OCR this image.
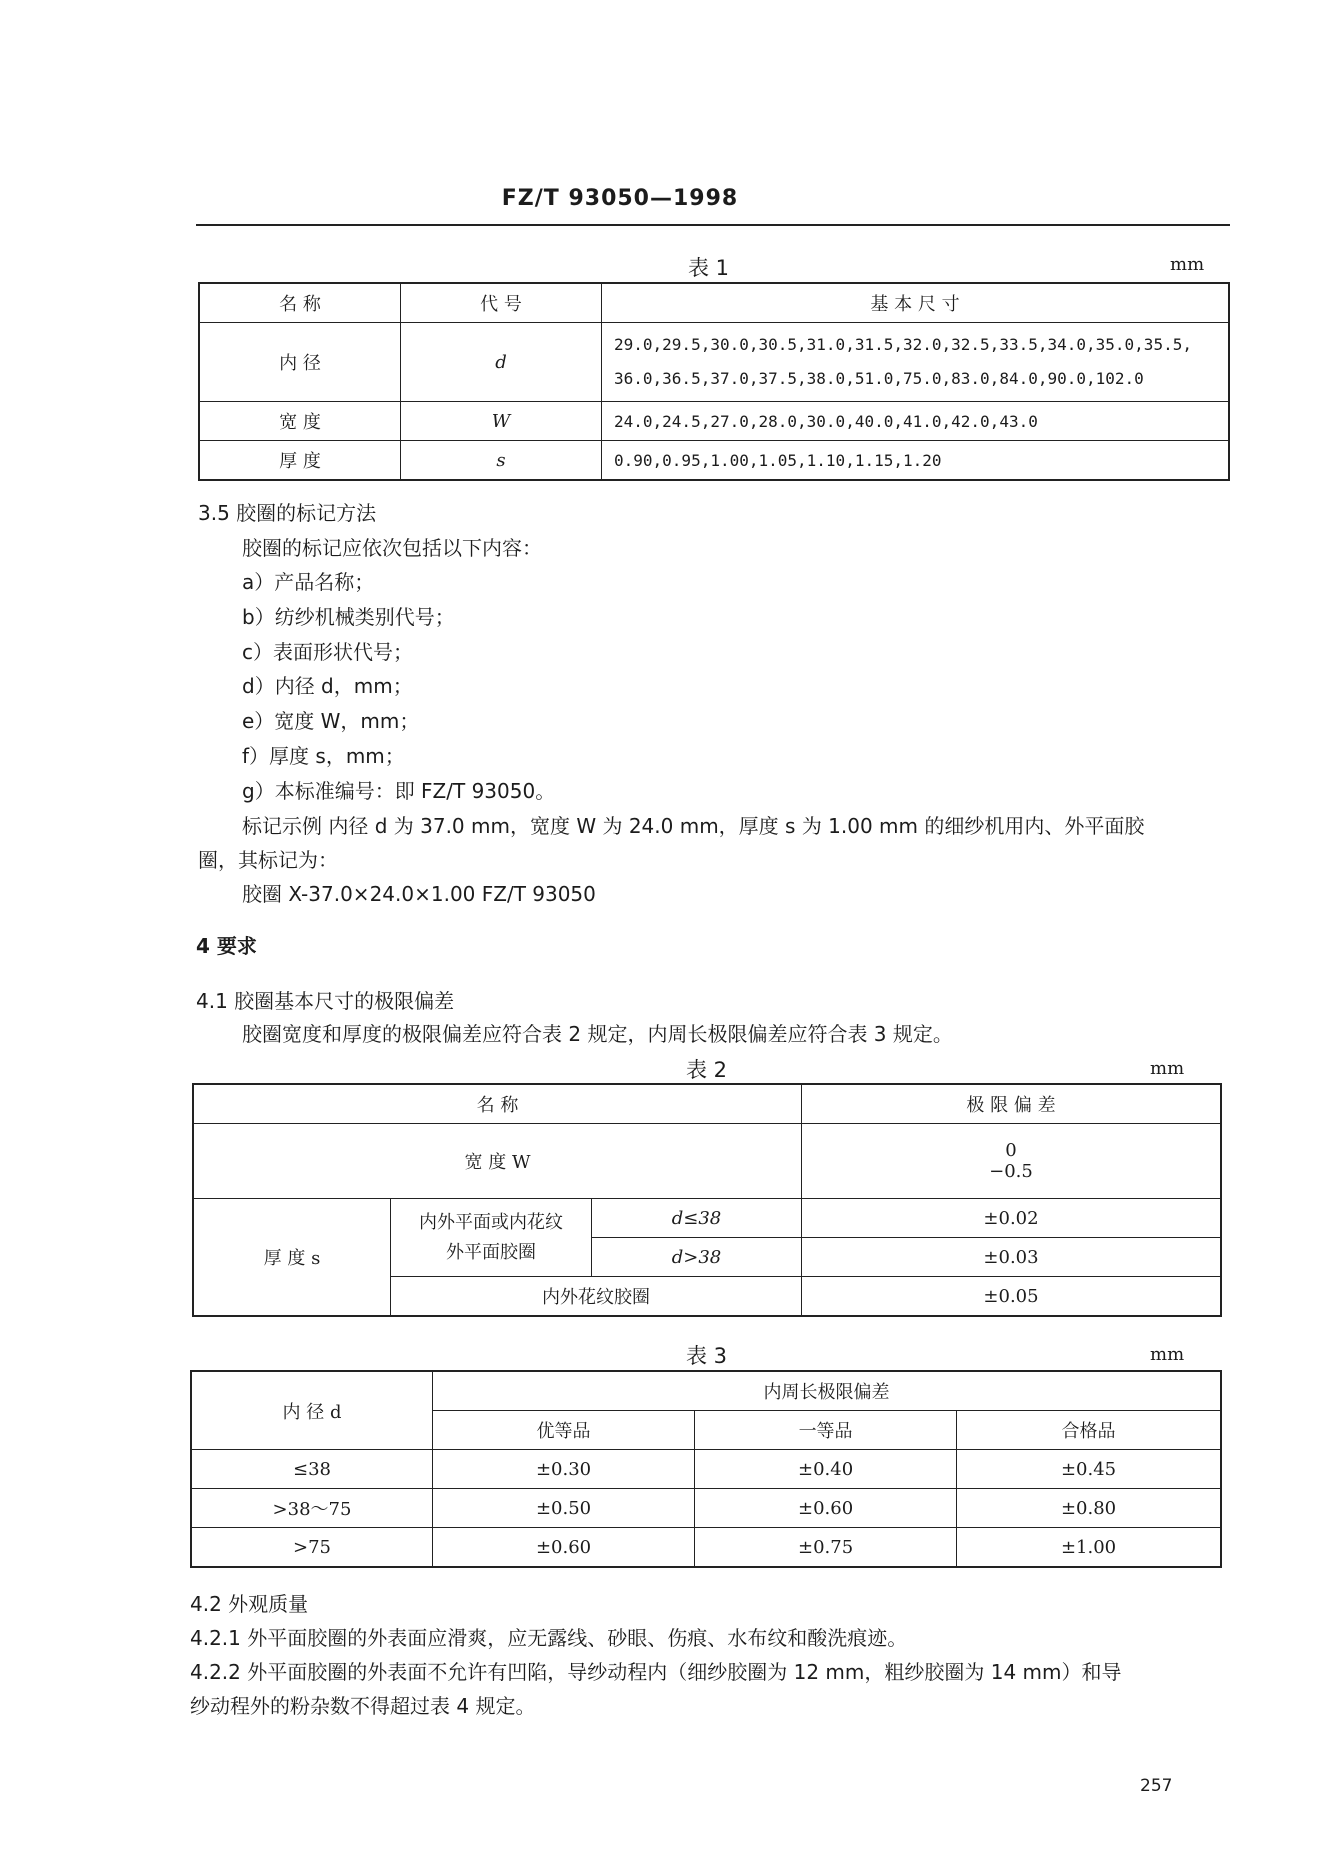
FZ/T 93050—1998
表 1	mm
名 称	代 号	基 本 尺 寸
内 径	d	29.0,29.5,30.0,30.5,31.0,31.5,32.0,32.5,33.5,34.0,35.0,35.5,
36.0,36.5,37.0,37.5,38.0,51.0,75.0,83.0,84.0,90.0,102.0

宽 度	W	24.0,24.5,27.0,28.0,30.0,40.0,41.0,42.0,43.0
厚 度	s	0.90,0.95,1.00,1.05,1.10,1.15,1.20
3.5 胶圈的标记方法
胶圈的标记应依次包括以下内容：
a）产品名称；
b）纺纱机械类别代号；
c）表面形状代号；
d）内径 d，mm；
e）宽度 W，mm；
f）厚度 s，mm；
g）本标准编号：即 FZ/T 93050。
标记示例 内径 d 为 37.0 mm，宽度 W 为 24.0 mm，厚度 s 为 1.00 mm 的细纱机用内、外平面胶
圈，其标记为：
胶圈 X-37.0×24.0×1.00 FZ/T 93050
4 要求
4.1 胶圈基本尺寸的极限偏差
胶圈宽度和厚度的极限偏差应符合表 2 规定，内周长极限偏差应符合表 3 规定。
表 2	mm
名 称			极 限 偏 差
宽 度 W			0
−0.5

厚 度 s	内外平面或内花纹
外平面胶圈	d≤38	±0.02
		d>38	±0.03
	内外花纹胶圈		±0.05
表 3	mm
内 径 d	内周长极限偏差		
	优等品	一等品	合格品
≤38	±0.30	±0.40	±0.45
>38～75	±0.50	±0.60	±0.80
>75	±0.60	±0.75	±1.00
4.2 外观质量
4.2.1 外平面胶圈的外表面应滑爽，应无露线、砂眼、伤痕、水布纹和酸洗痕迹。
4.2.2 外平面胶圈的外表面不允许有凹陷，导纱动程内（细纱胶圈为 12 mm，粗纱胶圈为 14 mm）和导
纱动程外的粉杂数不得超过表 4 规定。
257
